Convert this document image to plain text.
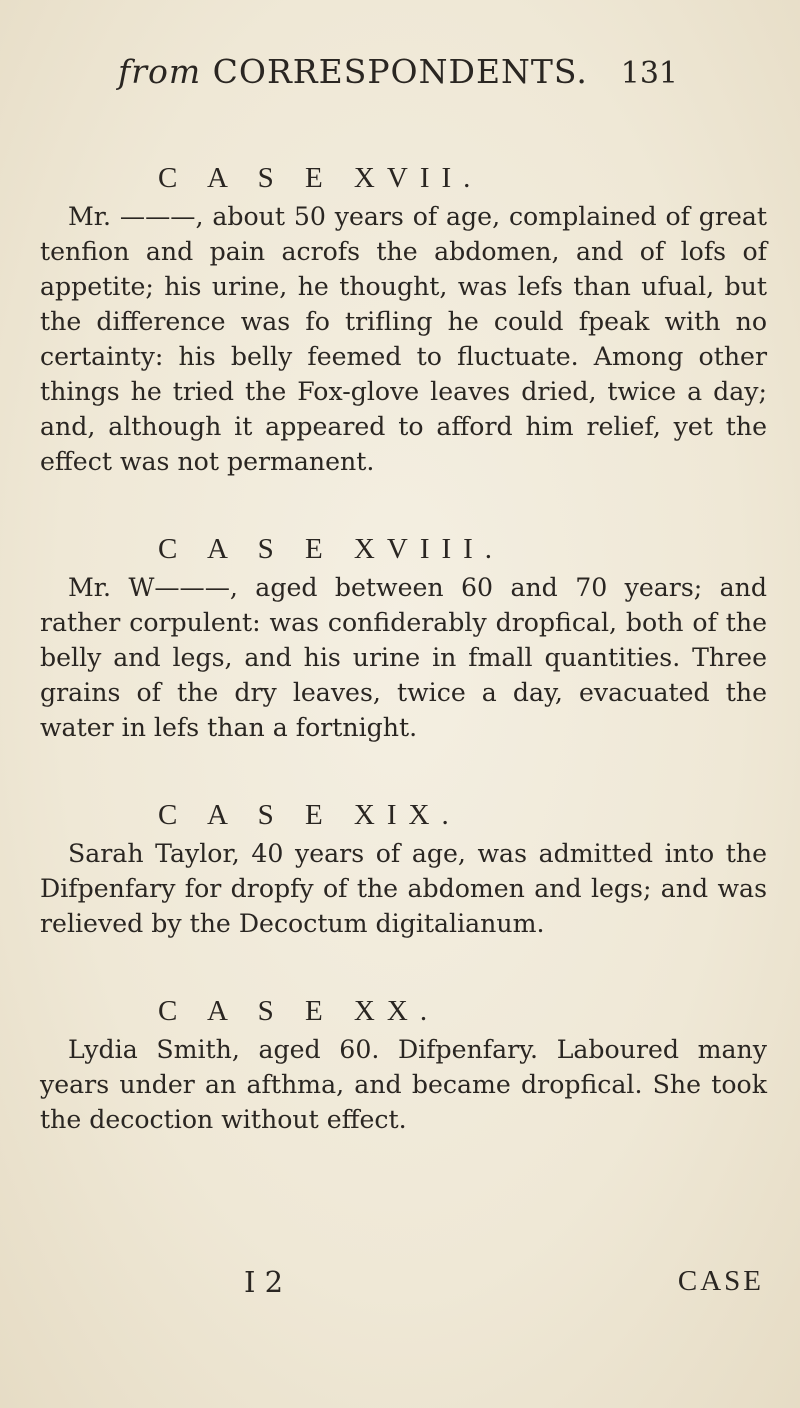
from CORRESPONDENTS. 131

C A S E XVII.

Mr. ———, about 50 years of age, complained of great tenfion and pain acrofs the abdomen, and of lofs of appetite; his urine, he thought, was lefs than ufual, but the difference was fo trifling he could fpeak with no certainty: his belly feemed to fluctuate. Among other things he tried the Fox-glove leaves dried, twice a day; and, although it appeared to afford him relief, yet the effect was not permanent.

C A S E XVIII.

Mr. W———, aged between 60 and 70 years; and rather corpulent: was confiderably dropfical, both of the belly and legs, and his urine in fmall quantities. Three grains of the dry leaves, twice a day, evacuated the water in lefs than a fortnight.

C A S E XIX.

Sarah Taylor, 40 years of age, was admitted into the Difpenfary for dropfy of the abdomen and legs; and was relieved by the Decoctum digitalianum.

C A S E XX.

Lydia Smith, aged 60. Difpenfary. Laboured many years under an afthma, and became dropfical. She took the decoction without effect.

I 2	CASE
